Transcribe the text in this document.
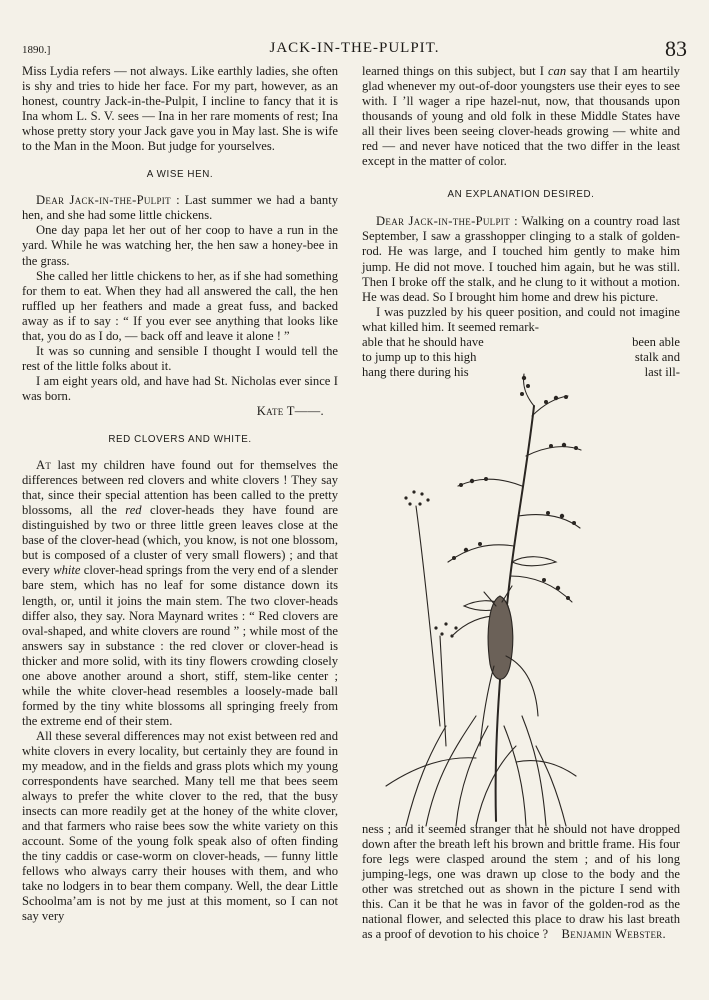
1890.]	JACK-IN-THE-PULPIT.	83

Miss Lydia refers — not always. Like earthly ladies, she often is shy and tries to hide her face. For my part, however, as an honest, country Jack-in-the-Pulpit, I incline to fancy that it is Ina whom L. S. V. sees — Ina in her rare moments of rest; Ina whose pretty story your Jack gave you in May last. She is wife to the Man in the Moon. But judge for yourselves.

A WISE HEN.

Dear Jack-in-the-Pulpit : Last summer we had a banty hen, and she had some little chickens.

One day papa let her out of her coop to have a run in the yard. While he was watching her, the hen saw a honey-bee in the grass.

She called her little chickens to her, as if she had something for them to eat. When they had all answered the call, the hen ruffled up her feathers and made a great fuss, and backed away as if to say : “ If you ever see anything that looks like that, you do as I do, — back off and leave it alone ! ”

It was so cunning and sensible I thought I would tell the rest of the little folks about it.

I am eight years old, and have had St. Nicholas ever since I was born.

Kate T——.

RED CLOVERS AND WHITE.

At last my children have found out for themselves the differences between red clovers and white clovers ! They say that, since their special attention has been called to the pretty blossoms, all the red clover-heads they have found are distinguished by two or three little green leaves close at the base of the clover-head (which, you know, is not one blossom, but is composed of a cluster of very small flowers) ; and that every white clover-head springs from the very end of a slender bare stem, which has no leaf for some distance down its length, or, until it joins the main stem. The two clover-heads differ also, they say. Nora Maynard writes : “ Red clovers are oval-shaped, and white clovers are round ” ; while most of the answers say in substance : the red clover or clover-head is thicker and more solid, with its tiny flowers crowding closely one above another around a short, stiff, stem-like center ; while the white clover-head resembles a loosely-made ball formed by the tiny white blossoms all springing freely from the extreme end of their stem.

All these several differences may not exist between red and white clovers in every locality, but certainly they are found in my meadow, and in the fields and grass plots which my young correspondents have searched. Many tell me that bees seem always to prefer the white clover to the red, that the busy insects can more readily get at the honey of the white clover, and that farmers who raise bees sow the white variety on this account. Some of the young folk speak also of often finding the tiny caddis or case-worm on clover-heads, — funny little fellows who always carry their houses with them, and who take no lodgers in to bear them company. Well, the dear Little Schoolma’am is not by me just at this moment, so I can not say very

learned things on this subject, but I can say that I am heartily glad whenever my out-of-door youngsters use their eyes to see with. I ’ll wager a ripe hazel-nut, now, that thousands upon thousands of young and old folk in these Middle States have all their lives been seeing clover-heads growing — white and red — and never have noticed that the two differ in the least except in the matter of color.

AN EXPLANATION DESIRED.

Dear Jack-in-the-Pulpit : Walking on a country road last September, I saw a grasshopper clinging to a stalk of golden-rod. He was large, and I touched him gently to make him jump. He did not move. I touched him again, but he was still. Then I broke off the stalk, and he clung to it without a motion. He was dead. So I brought him home and drew his picture.

I was puzzled by his queer position, and could not imagine what killed him. It seemed remark-

able that he should have	been able
to jump up to this high	stalk and
hang there during his	last ill-

ness ; and it seemed stranger that he should not have dropped down after the breath left his brown and brittle frame. His four fore legs were clasped around the stem ; and of his long jumping-legs, one was drawn up close to the body and the other was stretched out as shown in the picture I send with this. Can it be that he was in favor of the golden-rod as the national flower, and selected this place to draw his last breath as a proof of devotion to his choice ?	Benjamin Webster.
